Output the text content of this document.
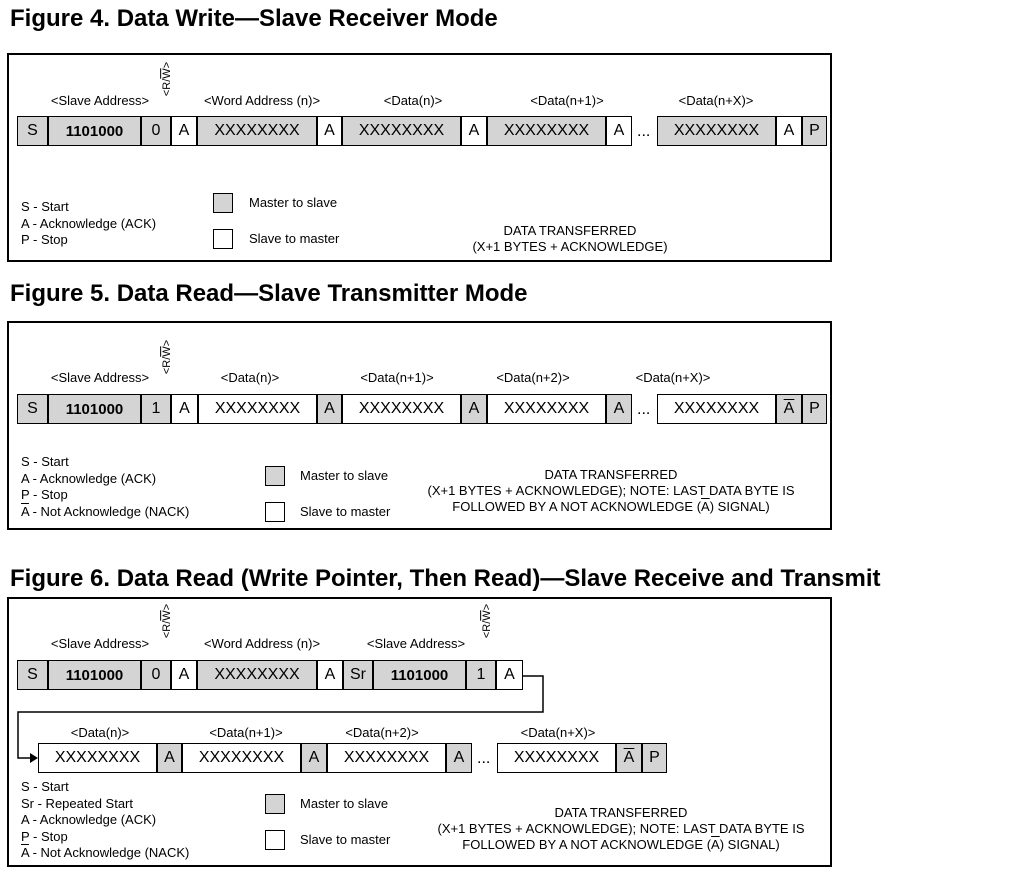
Figure 4. Data Write—Slave Receiver Mode
<Slave Address>
$<R/\overline{W}>$
<Word Address (n)>	<Data(n)>	<Data(n+1)>	<Data(n+X)>
S	1101000	0	A	XXXXXXXX	A	XXXXXXXX	A	XXXXXXXX	A ...	XXXXXXXX	A P
S - Start
A - Acknowledge (ACK)
P - Stop
Master to slave
Slave to master
DATA TRANSFERRED
(X+1 BYTES + ACKNOWLEDGE)
Figure 5. Data Read—Slave Transmitter Mode
<Slave Address>
$<R/\overline{W}>$
<Data(n)>	<Data(n+1)>	<Data(n+2)>	<Data(n+X)>
S	1101000	1	A	XXXXXXXX	A	XXXXXXXX	A	XXXXXXXX	A ...	XXXXXXXX	$\overline{A}$ P
S - Start
A - Acknowledge (ACK)
P - Stop
$\overline{A}$ - Not Acknowledge (NACK)
Master to slave
Slave to master
DATA TRANSFERRED
(X+1 BYTES + ACKNOWLEDGE); NOTE: LAST DATA BYTE IS
FOLLOWED BY A NOT ACKNOWLEDGE $(\overline{A})$ SIGNAL)
Figure 6. Data Read (Write Pointer, Then Read)—Slave Receive and Transmit
<Slave Address>
$<R/\overline{W}>$
<Word Address (n)>	<Slave Address>
$<R/\overline{W}>$
S	1101000	0	A	XXXXXXXX	A Sr	1101000	1	A
<Data(n)>	<Data(n+1)>	<Data(n+2)>	<Data(n+X)>
XXXXXXXX	A	XXXXXXXX	A	XXXXXXXX	A ...	XXXXXXXX	$\overline{A}$ P
S - Start
Sr - Repeated Start
A - Acknowledge (ACK)
P - Stop
$\overline{A}$ - Not Acknowledge (NACK)
Master to slave
Slave to master
DATA TRANSFERRED
(X+1 BYTES + ACKNOWLEDGE); NOTE: LAST DATA BYTE IS
FOLLOWED BY A NOT ACKNOWLEDGE $(\overline{A})$ SIGNAL)
